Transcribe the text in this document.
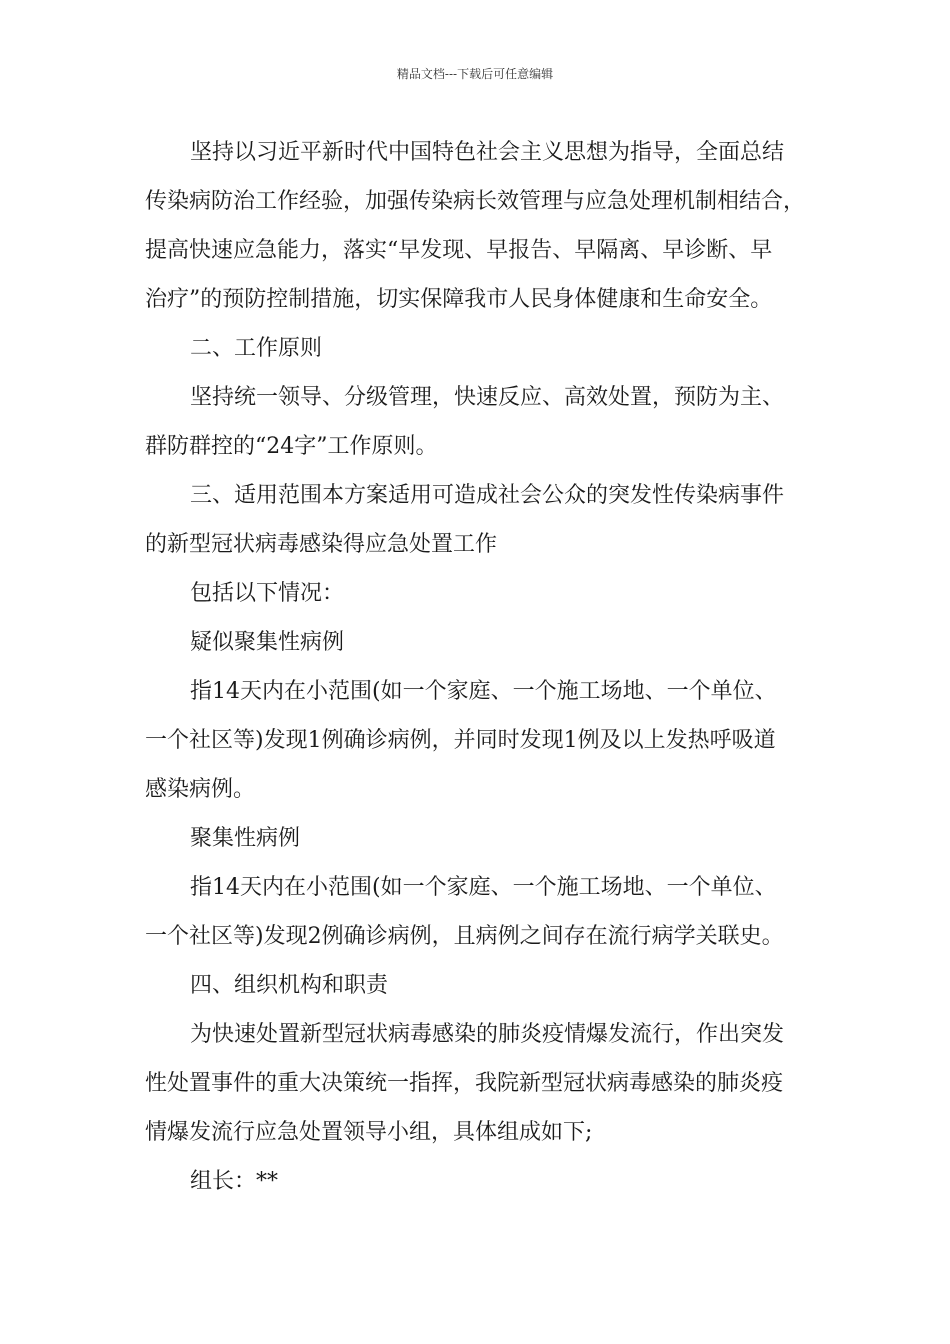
精品文档---下载后可任意编辑
坚持以习近平新时代中国特色社会主义思想为指导，全面总结
传染病防治工作经验，加强传染病长效管理与应急处理机制相结合，
提高快速应急能力，落实“早发现、早报告、早隔离、早诊断、早
治疗”的预防控制措施，切实保障我市人民身体健康和生命安全。
二、工作原则
坚持统一领导、分级管理，快速反应、高效处置，预防为主、
群防群控的“24字”工作原则。
三、适用范围本方案适用可造成社会公众的突发性传染病事件
的新型冠状病毒感染得应急处置工作
包括以下情况：
疑似聚集性病例
指14天内在小范围(如一个家庭、一个施工场地、一个单位、
一个社区等)发现1例确诊病例，并同时发现1例及以上发热呼吸道
感染病例。
聚集性病例
指14天内在小范围(如一个家庭、一个施工场地、一个单位、
一个社区等)发现2例确诊病例，且病例之间存在流行病学关联史。
四、组织机构和职责
为快速处置新型冠状病毒感染的肺炎疫情爆发流行，作出突发
性处置事件的重大决策统一指挥，我院新型冠状病毒感染的肺炎疫
情爆发流行应急处置领导小组，具体组成如下;
组长：**
